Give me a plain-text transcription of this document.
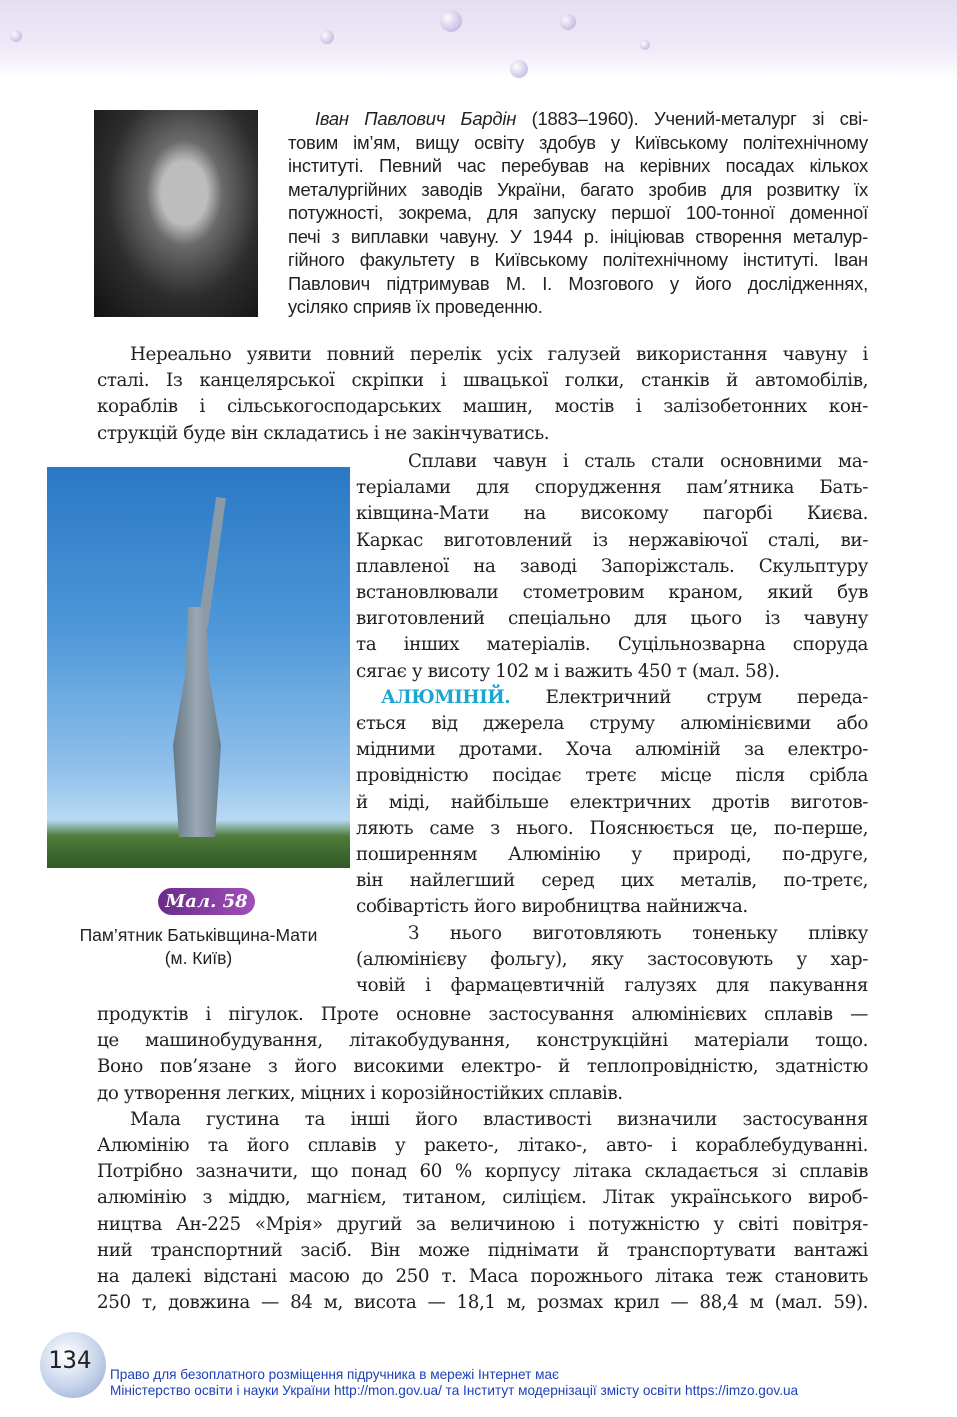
Іван Павлович Бардін (1883–1960). Учений-металург зі сві-
товим ім’ям, вищу освіту здобув у Київському політехнічному
інституті. Певний час перебував на керівних посадах кількох
металургійних заводів України, багато зробив для розвитку їх
потужності, зокрема, для запуску першої 100-тонної доменної
печі з виплавки чавуну. У 1944 р. ініціював створення металур-
гійного факультету в Київському політехнічному інституті. Іван
Павлович підтримував М. І. Мозгового у його дослідженнях,
усіляко сприяв їх проведенню.
Нереально уявити повний перелік усіх галузей використання чавуну і
сталі. Із канцелярської скріпки і швацької голки, станків й автомобілів,
кораблів і сільськогосподарських машин, мостів і залізобетонних кон-
струкцій буде він складатись і не закінчуватись.
Мал. 58
Пам’ятник Батьківщина-Мати
(м. Київ)
Сплави чавун і сталь стали основними ма-
теріалами для спорудження пам’ятника Бать-
ківщина-Мати на високому пагорбі Києва.
Каркас виготовлений із нержавіючої сталі, ви-
плавленої на заводі Запоріжсталь. Скульптуру
встановлювали стометровим краном, який був
виготовлений спеціально для цього із чавуну
та інших матеріалів. Суцільнозварна споруда
сягає у висоту 102 м і важить 450 т (мал. 58).
АЛЮМІНІЙ. Електричний струм переда-
ється від джерела струму алюмінієвими або
мідними дротами. Хоча алюміній за електро-
провідністю посідає третє місце після срібла
й міді, найбільше електричних дротів виготов-
ляють саме з нього. Пояснюється це, по-перше,
поширенням Алюмінію у природі, по-друге,
він найлегший серед цих металів, по-третє,
собівартість його виробництва найнижча.
З нього виготовляють тоненьку плівку
(алюмінієву фольгу), яку застосовують у хар-
човій і фармацевтичній галузях для пакування
продуктів і пігулок. Проте основне застосування алюмінієвих сплавів —
це машинобудування, літакобудування, конструкційні матеріали тощо.
Воно пов’язане з його високими електро- й теплопровідністю, здатністю
до утворення легких, міцних і корозійностійких сплавів.
Мала густина та інші його властивості визначили застосування
Алюмінію та його сплавів у ракето-, літако-, авто- і кораблебудуванні.
Потрібно зазначити, що понад 60 % корпусу літака складається зі сплавів
алюмінію з міддю, магнієм, титаном, силіцієм. Літак українського вироб-
ництва Ан-225 «Мрія» другий за величиною і потужністю у світі повітря-
ний транспортний засіб. Він може піднімати й транспортувати вантажі
на далекі відстані масою до 250 т. Маса порожнього літака теж становить
250 т, довжина — 84 м, висота — 18,1 м, розмах крил — 88,4 м (мал. 59).
134
Право для безоплатного розміщення підручника в мережі Інтернет має
Міністерство освіти і науки України http://mon.gov.ua/ та Інститут модернізації змісту освіти https://imzo.gov.ua
